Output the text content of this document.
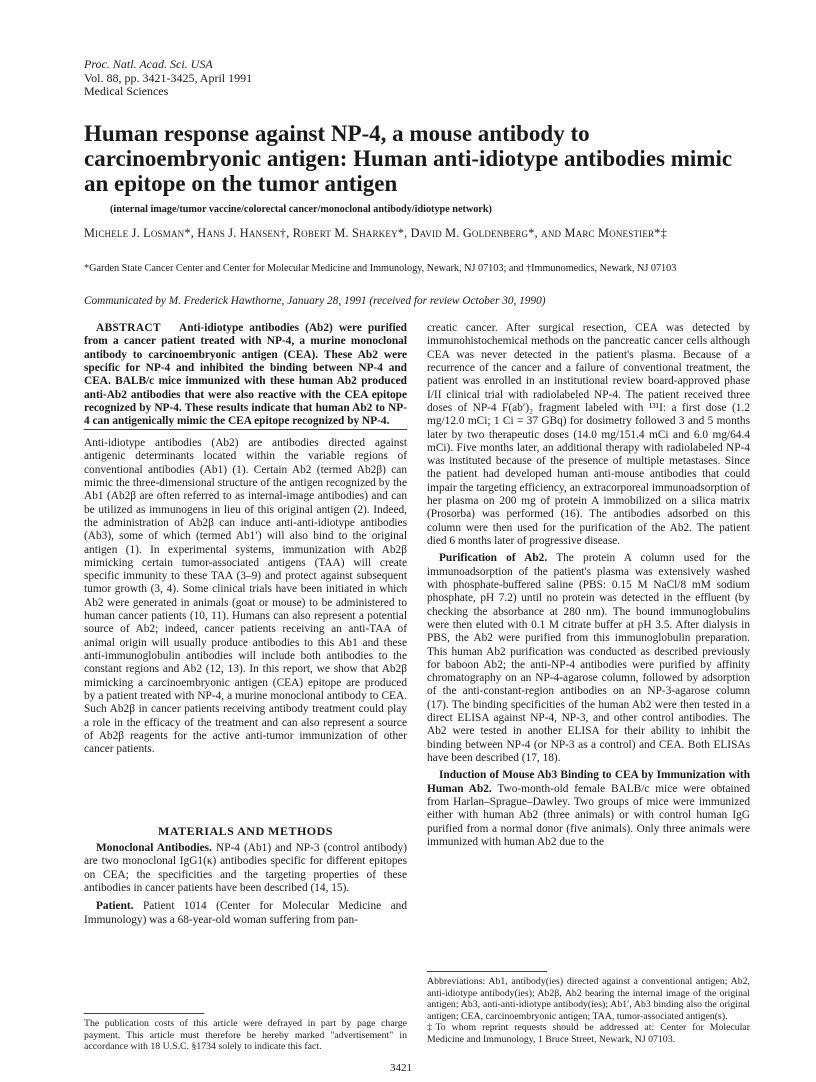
Proc. Natl. Acad. Sci. USA
Vol. 88, pp. 3421-3425, April 1991
Medical Sciences
Human response against NP-4, a mouse antibody to carcinoembryonic antigen: Human anti-idiotype antibodies mimic an epitope on the tumor antigen
(internal image/tumor vaccine/colorectal cancer/monoclonal antibody/idiotype network)
Michele J. Losman*, Hans J. Hansen†, Robert M. Sharkey*, David M. Goldenberg*, and Marc Monestier*‡
*Garden State Cancer Center and Center for Molecular Medicine and Immunology, Newark, NJ 07103; and †Immunomedics, Newark, NJ 07103
Communicated by M. Frederick Hawthorne, January 28, 1991 (received for review October 30, 1990)

ABSTRACT Anti-idiotype antibodies (Ab2) were purified from a cancer patient treated with NP-4, a murine monoclonal antibody to carcinoembryonic antigen (CEA). These Ab2 were specific for NP-4 and inhibited the binding between NP-4 and CEA. BALB/c mice immunized with these human Ab2 produced anti-Ab2 antibodies that were also reactive with the CEA epitope recognized by NP-4. These results indicate that human Ab2 to NP-4 can antigenically mimic the CEA epitope recognized by NP-4.

Anti-idiotype antibodies (Ab2) are antibodies directed against antigenic determinants located within the variable regions of conventional antibodies (Ab1) (1). Certain Ab2 (termed Ab2β) can mimic the three-dimensional structure of the antigen recognized by the Ab1 (Ab2β are often referred to as internal-image antibodies) and can be utilized as immunogens in lieu of this original antigen (2). Indeed, the administration of Ab2β can induce anti-anti-idiotype antibodies (Ab3), some of which (termed Ab1′) will also bind to the original antigen (1). In experimental systems, immunization with Ab2β mimicking certain tumor-associated antigens (TAA) will create specific immunity to these TAA (3–9) and protect against subsequent tumor growth (3, 4). Some clinical trials have been initiated in which Ab2 were generated in animals (goat or mouse) to be administered to human cancer patients (10, 11). Humans can also represent a potential source of Ab2; indeed, cancer patients receiving an anti-TAA of animal origin will usually produce antibodies to this Ab1 and these anti-immunoglobulin antibodies will include both antibodies to the constant regions and Ab2 (12, 13). In this report, we show that Ab2β mimicking a carcinoembryonic antigen (CEA) epitope are produced by a patient treated with NP-4, a murine monoclonal antibody to CEA. Such Ab2β in cancer patients receiving antibody treatment could play a role in the efficacy of the treatment and can also represent a source of Ab2β reagents for the active anti-tumor immunization of other cancer patients.

MATERIALS AND METHODS

Monoclonal Antibodies. NP-4 (Ab1) and NP-3 (control antibody) are two monoclonal IgG1(κ) antibodies specific for different epitopes on CEA; the specificities and the targeting properties of these antibodies in cancer patients have been described (14, 15).

Patient. Patient 1014 (Center for Molecular Medicine and Immunology) was a 68-year-old woman suffering from pan-

The publication costs of this article were defrayed in part by page charge payment. This article must therefore be hereby marked "advertisement" in accordance with 18 U.S.C. §1734 solely to indicate this fact.

creatic cancer. After surgical resection, CEA was detected by immunohistochemical methods on the pancreatic cancer cells although CEA was never detected in the patient's plasma. Because of a recurrence of the cancer and a failure of conventional treatment, the patient was enrolled in an institutional review board-approved phase I/II clinical trial with radiolabeled NP-4. The patient received three doses of NP-4 F(ab′)₂ fragment labeled with ¹³¹I: a first dose (1.2 mg/12.0 mCi; 1 Ci = 37 GBq) for dosimetry followed 3 and 5 months later by two therapeutic doses (14.0 mg/151.4 mCi and 6.0 mg/64.4 mCi). Five months later, an additional therapy with radiolabeled NP-4 was instituted because of the presence of multiple metastases. Since the patient had developed human anti-mouse antibodies that could impair the targeting efficiency, an extracorporeal immunoadsorption of her plasma on 200 mg of protein A immobilized on a silica matrix (Prosorba) was performed (16). The antibodies adsorbed on this column were then used for the purification of the Ab2. The patient died 6 months later of progressive disease.

Purification of Ab2. The protein A column used for the immunoadsorption of the patient's plasma was extensively washed with phosphate-buffered saline (PBS: 0.15 M NaCl/8 mM sodium phosphate, pH 7.2) until no protein was detected in the effluent (by checking the absorbance at 280 nm). The bound immunoglobulins were then eluted with 0.1 M citrate buffer at pH 3.5. After dialysis in PBS, the Ab2 were purified from this immunoglobulin preparation. This human Ab2 purification was conducted as described previously for baboon Ab2; the anti-NP-4 antibodies were purified by affinity chromatography on an NP-4-agarose column, followed by adsorption of the anti-constant-region antibodies on an NP-3-agarose column (17). The binding specificities of the human Ab2 were then tested in a direct ELISA against NP-4, NP-3, and other control antibodies. The Ab2 were tested in another ELISA for their ability to inhibit the binding between NP-4 (or NP-3 as a control) and CEA. Both ELISAs have been described (17, 18).

Induction of Mouse Ab3 Binding to CEA by Immunization with Human Ab2. Two-month-old female BALB/c mice were obtained from Harlan–Sprague–Dawley. Two groups of mice were immunized either with human Ab2 (three animals) or with control human IgG purified from a normal donor (five animals). Only three animals were immunized with human Ab2 due to the

Abbreviations: Ab1, antibody(ies) directed against a conventional antigen; Ab2, anti-idiotype antibody(ies); Ab2β, Ab2 bearing the internal image of the original antigen; Ab3, anti-anti-idiotype antibody(ies); Ab1′, Ab3 binding also the original antigen; CEA, carcinoembryonic antigen; TAA, tumor-associated antigen(s).

‡To whom reprint requests should be addressed at: Center for Molecular Medicine and Immunology, 1 Bruce Street, Newark, NJ 07103.

3421
